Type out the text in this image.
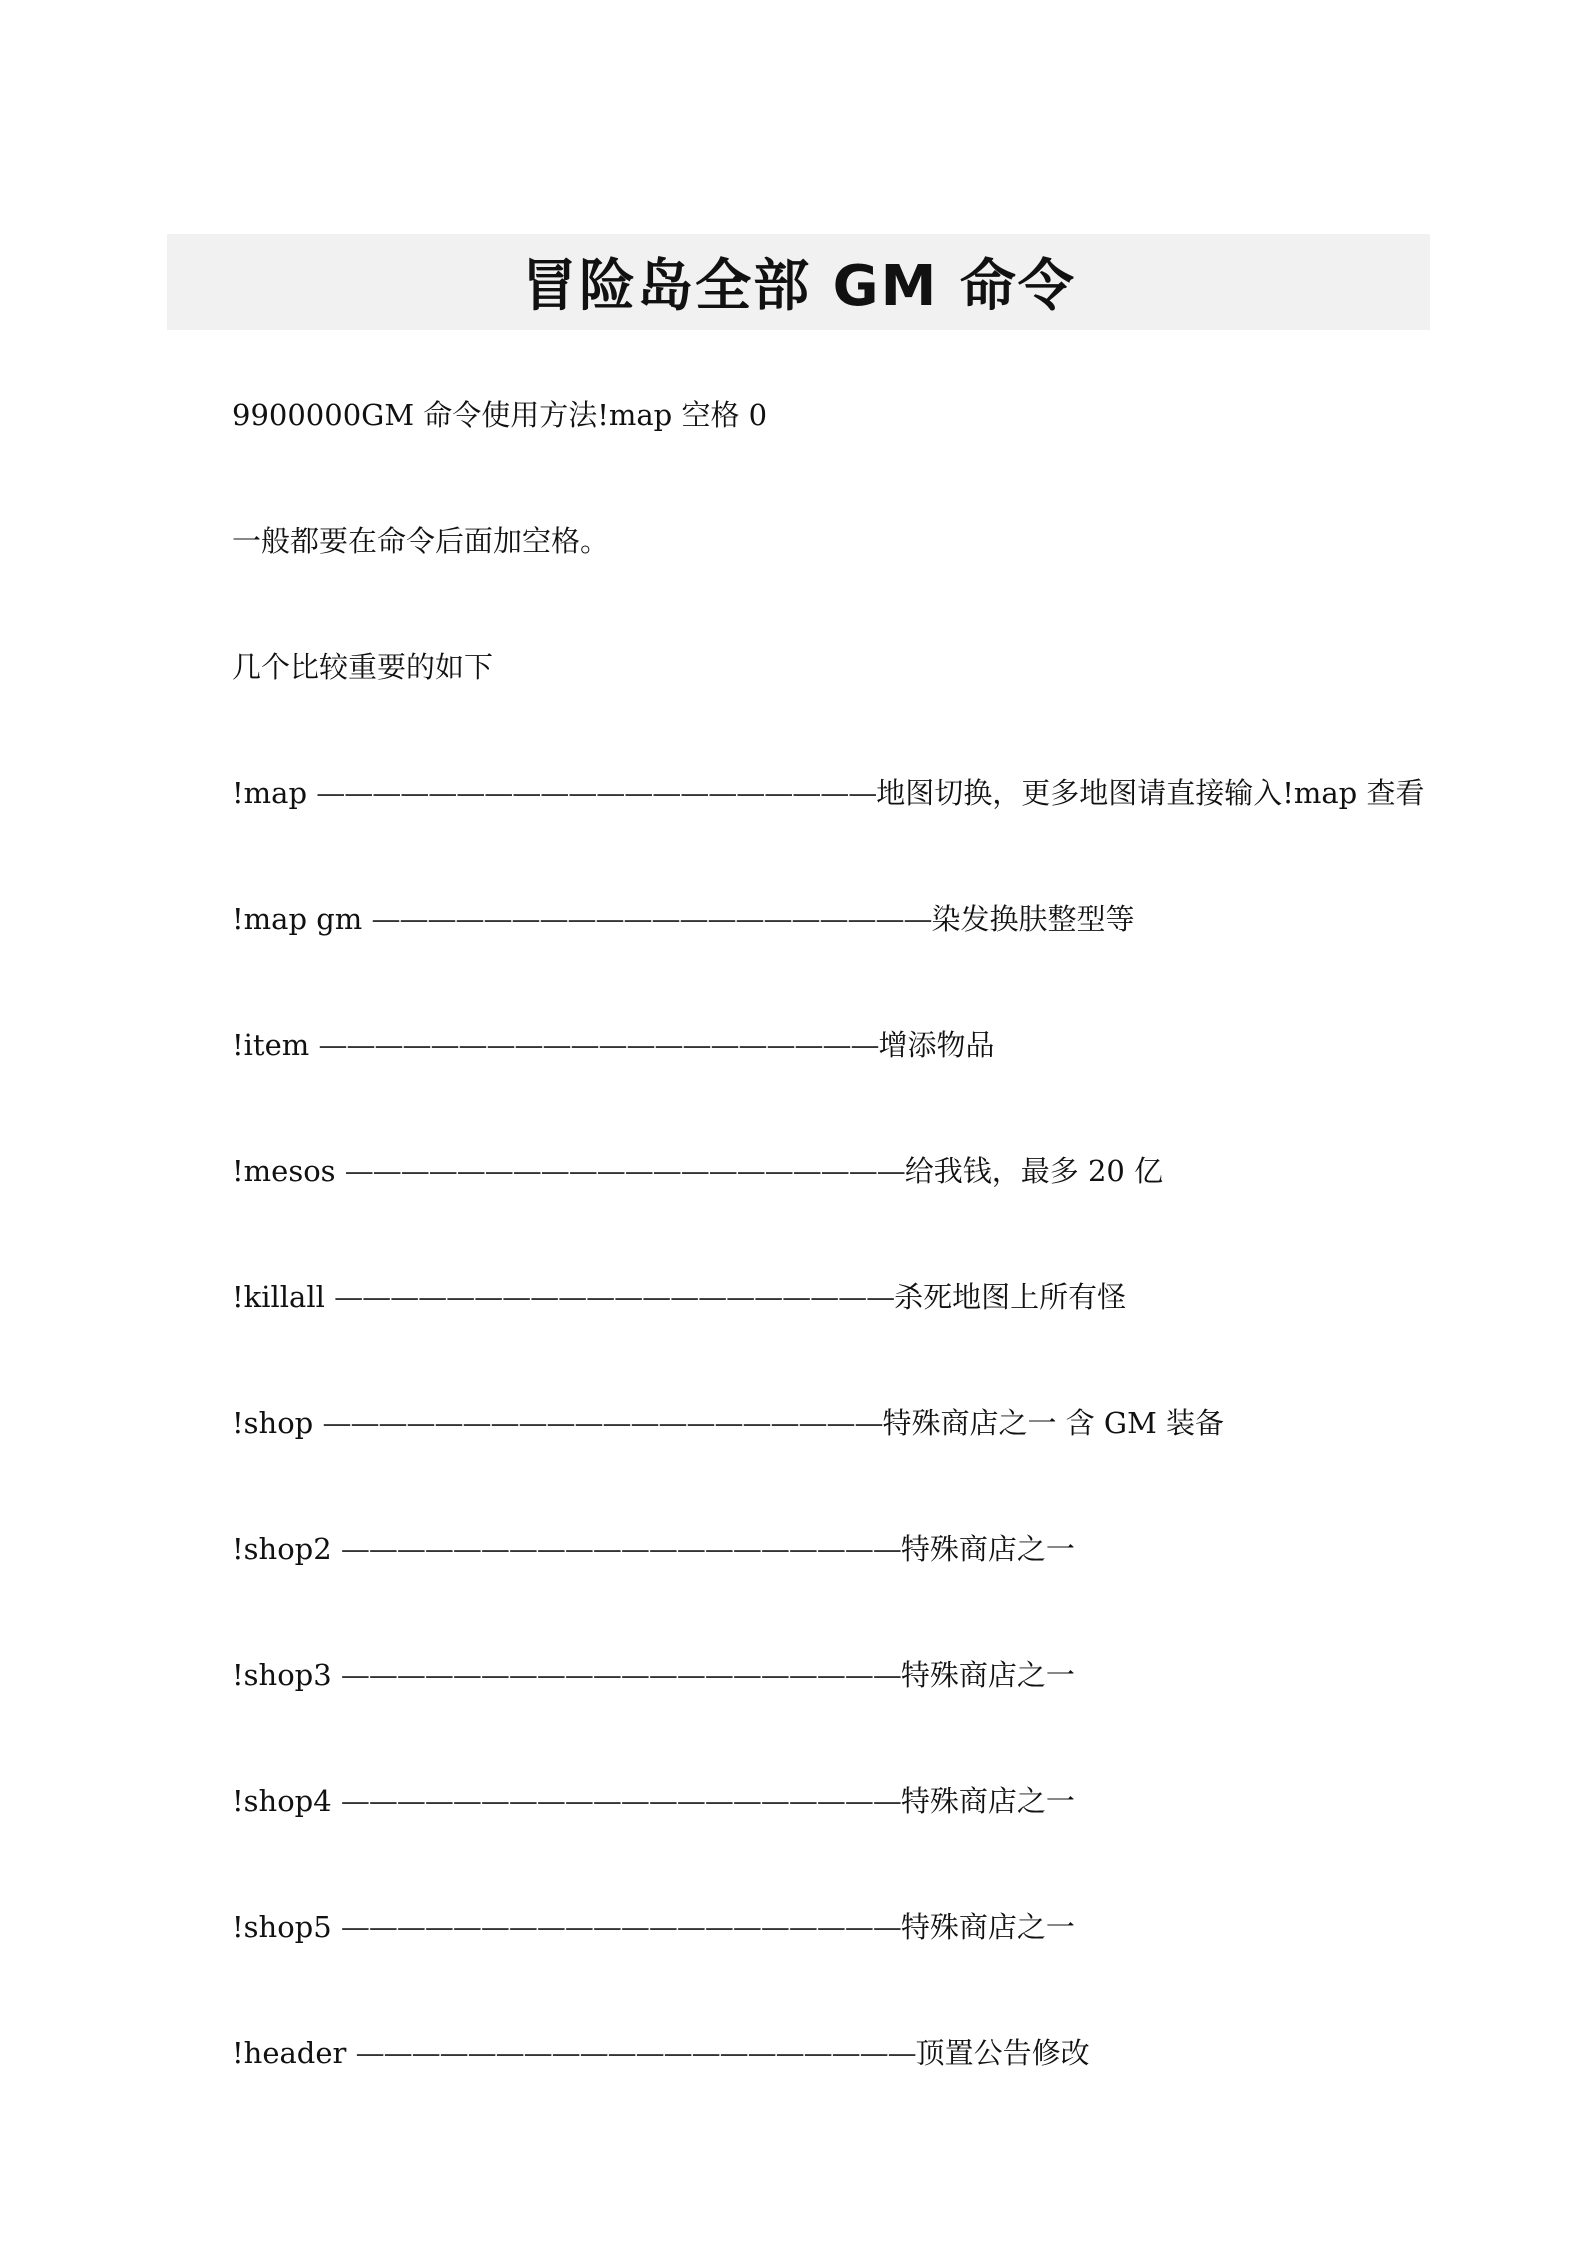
冒险岛全部 GM 命令
9900000GM 命令使用方法!map 空格 0
一般都要在命令后面加空格。
几个比较重要的如下
!map ————————————————————地图切换，更多地图请直接输入!map 查看
!map gm ————————————————————染发换肤整型等
!item ————————————————————增添物品
!mesos ————————————————————给我钱，最多 20 亿
!killall ————————————————————杀死地图上所有怪
!shop ————————————————————特殊商店之一 含 GM 装备
!shop2 ————————————————————特殊商店之一
!shop3 ————————————————————特殊商店之一
!shop4 ————————————————————特殊商店之一
!shop5 ————————————————————特殊商店之一
!header ————————————————————顶置公告修改
